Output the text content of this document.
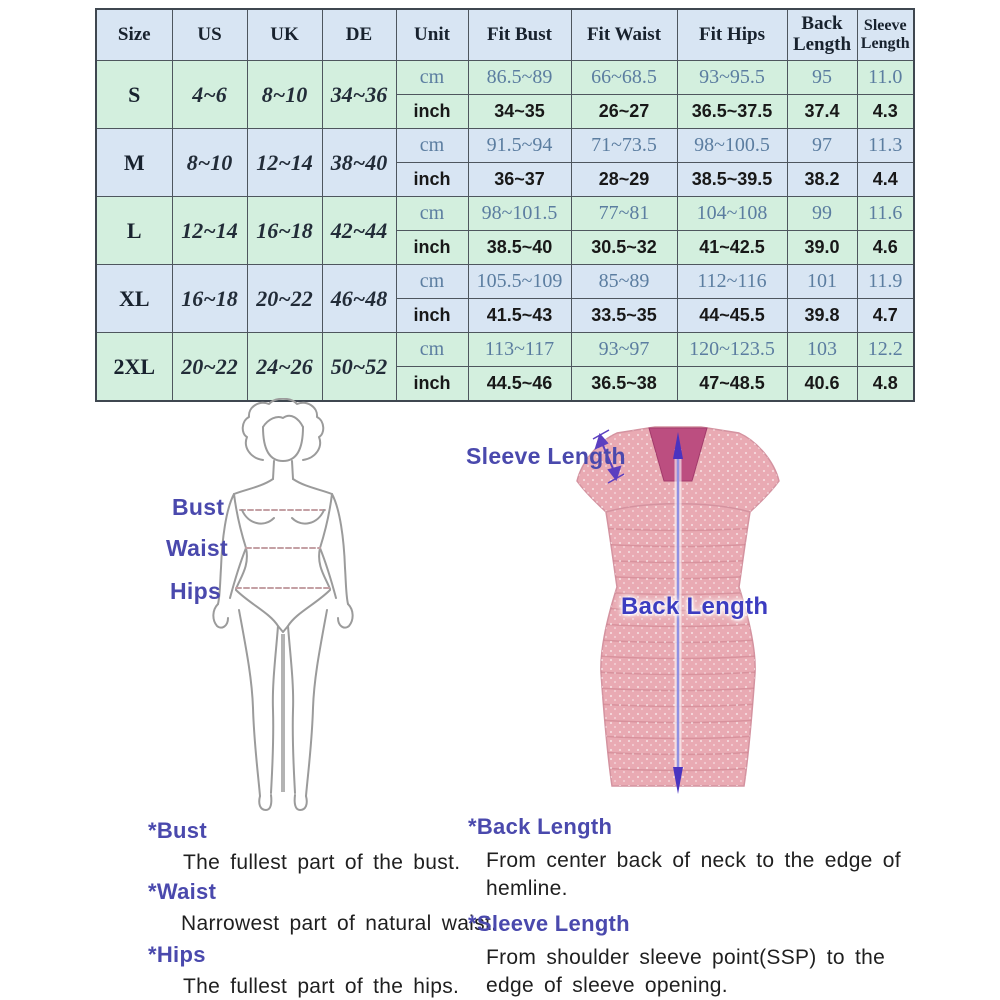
Size	US	UK	DE	Unit	Fit Bust	Fit Waist	Fit Hips	Back Length	Sleeve Length
S	4~6	8~10	34~36	cm	86.5~89	66~68.5	93~95.5	95	11.0
				inch	34~35	26~27	36.5~37.5	37.4	4.3
M	8~10	12~14	38~40	cm	91.5~94	71~73.5	98~100.5	97	11.3
				inch	36~37	28~29	38.5~39.5	38.2	4.4
L	12~14	16~18	42~44	cm	98~101.5	77~81	104~108	99	11.6
				inch	38.5~40	30.5~32	41~42.5	39.0	4.6
XL	16~18	20~22	46~48	cm	105.5~109	85~89	112~116	101	11.9
				inch	41.5~43	33.5~35	44~45.5	39.8	4.7
2XL	20~22	24~26	50~52	cm	113~117	93~97	120~123.5	103	12.2
				inch	44.5~46	36.5~38	47~48.5	40.6	4.8
Bust
Waist
Hips
Sleeve Length
Back Length
*Bust
The fullest part of the bust.
*Waist
Narrowest part of natural waist.
*Hips
The fullest part of the hips.
*Back Length
From center back of neck to the edge of hemline.
*Sleeve Length
From shoulder sleeve point(SSP) to the edge of sleeve opening.
